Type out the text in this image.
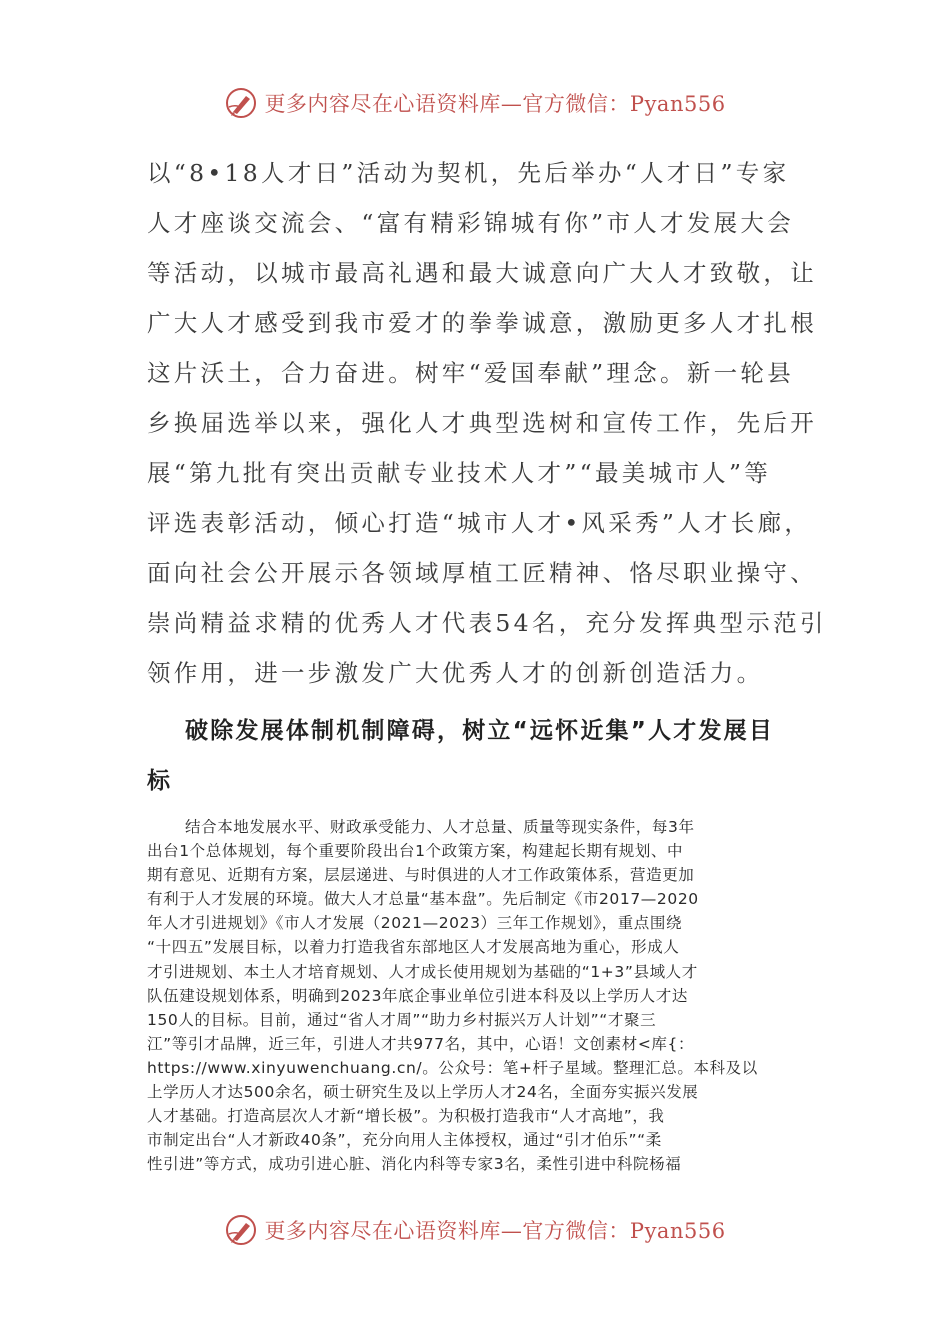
更多内容尽在心语资料库—官方微信：Pyan556
以“8•18人才日”活动为契机，先后举办“人才日”专家
人才座谈交流会、“富有精彩锦城有你”市人才发展大会
等活动，以城市最高礼遇和最大诚意向广大人才致敬，让
广大人才感受到我市爱才的拳拳诚意，激励更多人才扎根
这片沃土，合力奋进。树牢“爱国奉献”理念。新一轮县
乡换届选举以来，强化人才典型选树和宣传工作，先后开
展“第九批有突出贡献专业技术人才”“最美城市人”等
评选表彰活动，倾心打造“城市人才•风采秀”人才长廊，
面向社会公开展示各领域厚植工匠精神、恪尽职业操守、
崇尚精益求精的优秀人才代表54名，充分发挥典型示范引
领作用，进一步激发广大优秀人才的创新创造活力。
破除发展体制机制障碍，树立“远怀近集”人才发展目
标
结合本地发展水平、财政承受能力、人才总量、质量等现实条件，每3年
出台1个总体规划，每个重要阶段出台1个政策方案，构建起长期有规划、中
期有意见、近期有方案，层层递进、与时俱进的人才工作政策体系，营造更加
有利于人才发展的环境。做大人才总量“基本盘”。先后制定《市2017—2020
年人才引进规划》《市人才发展（2021—2023）三年工作规划》，重点围绕
“十四五”发展目标，以着力打造我省东部地区人才发展高地为重心，形成人
才引进规划、本土人才培育规划、人才成长使用规划为基础的“1+3”县域人才
队伍建设规划体系，明确到2023年底企事业单位引进本科及以上学历人才达
150人的目标。目前，通过“省人才周”“助力乡村振兴万人计划”“才聚三
江”等引才品牌，近三年，引进人才共977名，其中，心语！文创素材<库{：
https://www.xinyuwenchuang.cn/。公众号：笔+杆子星域。整理汇总。本科及以
上学历人才达500余名，硕士研究生及以上学历人才24名，全面夯实振兴发展
人才基础。打造高层次人才新“增长极”。为积极打造我市“人才高地”，我
市制定出台“人才新政40条”，充分向用人主体授权，通过“引才伯乐”“柔
性引进”等方式，成功引进心脏、消化内科等专家3名，柔性引进中科院杨福
更多内容尽在心语资料库—官方微信：Pyan556
